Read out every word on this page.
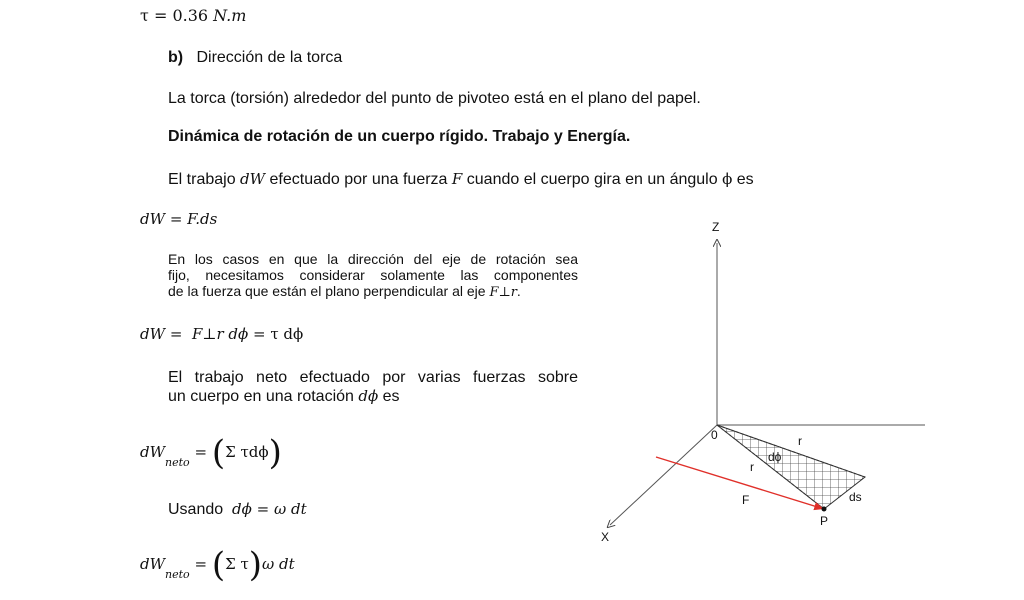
τ = 0.36 N.m
b) Dirección de la torca
La torca (torsión) alrededor del punto de pivoteo está en el plano del papel.
Dinámica de rotación de un cuerpo rígido. Trabajo y Energía.
El trabajo dW efectuado por una fuerza F cuando el cuerpo gira en un ángulo ϕ es
dW = F.ds
En los casos en que la dirección del eje de rotación sea
fijo, necesitamos considerar solamente las componentes
de la fuerza que están el plano perpendicular al eje F⊥r.
dW = F⊥r dϕ = τ dϕ
El trabajo neto efectuado por varias fuerzas sobre
un cuerpo en una rotación dϕ es
$dW_{neto} = (\Sigma$ τdϕ)
Usando dϕ = ω dt
$dW_{neto} = (\Sigma$ τ)ω dt
Z
X
0	r
r
dϕ
ds
F
P
